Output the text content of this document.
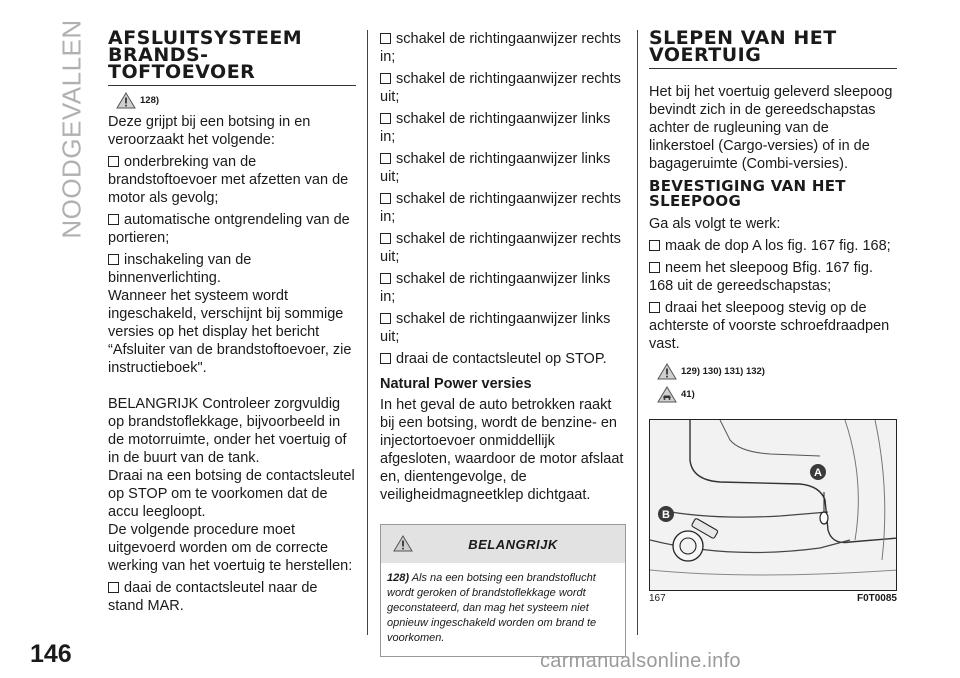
NOODGEVALLEN
146
AFSLUITSYSTEEM
BRANDS-
TOFTOEVOER
128)

Deze grijpt bij een botsing in en veroorzaakt het volgende:

onderbreking van de brandstoftoevoer met afzetten van de motor als gevolg;
automatische ontgrendeling van de portieren;
inschakeling van de binnenverlichting.

Wanneer het systeem wordt ingeschakeld, verschijnt bij sommige versies op het display het bericht “Afsluiter van de brandstoftoevoer, zie instructieboek".

BELANGRIJK Controleer zorgvuldig op brandstoflekkage, bijvoorbeeld in de motorruimte, onder het voertuig of in de buurt van de tank.

Draai na een botsing de contactsleutel op STOP om te voorkomen dat de accu leegloopt.

De volgende procedure moet uitgevoerd worden om de correcte werking van het voertuig te herstellen:

daai de contactsleutel naar de stand MAR.
schakel de richtingaanwijzer rechts in;
schakel de richtingaanwijzer rechts uit;
schakel de richtingaanwijzer links in;
schakel de richtingaanwijzer links uit;
schakel de richtingaanwijzer rechts in;
schakel de richtingaanwijzer rechts uit;
schakel de richtingaanwijzer links in;
schakel de richtingaanwijzer links uit;
draai de contactsleutel op STOP.
Natural Power versies

In het geval de auto betrokken raakt bij een botsing, wordt de benzine- en injectortoevoer onmiddellijk afgesloten, waardoor de motor afslaat en, dientengevolge, de veiligheidmagneetklep dichtgaat.

BELANGRIJK
128) Als na een botsing een brandstoflucht wordt geroken of brandstoflekkage wordt geconstateerd, dan mag het systeem niet opnieuw ingeschakeld worden om brand te voorkomen.
SLEPEN VAN HET
VOERTUIG

Het bij het voertuig geleverd sleepoog bevindt zich in de gereedschapstas achter de rugleuning van de linkerstoel (Cargo-versies) of in de bagageruimte (Combi-versies).

BEVESTIGING VAN HET
SLEEPOOG

Ga als volgt te werk:

maak de dop A los fig. 167 fig. 168;
neem het sleepoog Bfig. 167 fig. 168 uit de gereedschapstas;
draai het sleepoog stevig op de achterste of voorste schroefdraadpen vast.
129) 130) 131) 132)
41)
A
B
167	F0T0085
carmanualsonline.info
